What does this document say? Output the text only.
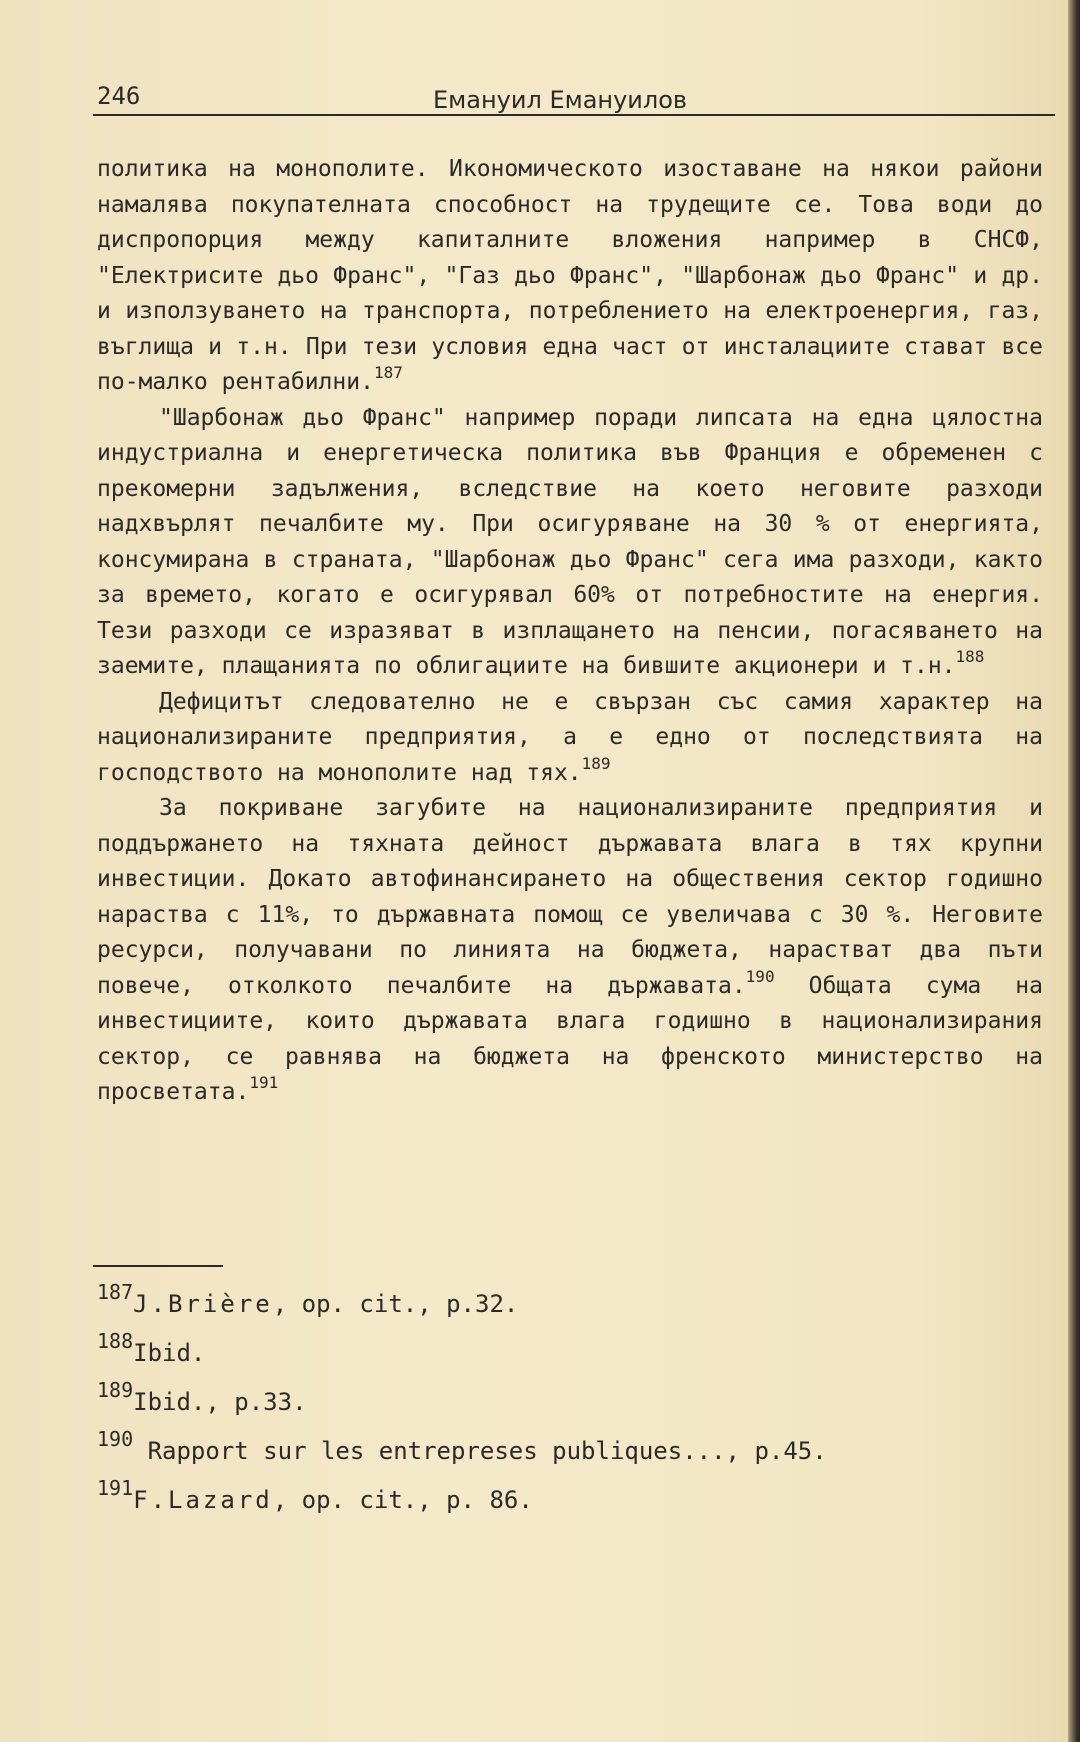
246	Емануил Емануилов

политика на монополите. Икономическото изоставане на някои райони намалява покупателната способност на трудещите се. Това води до диспропорция между капиталните вложения например в СНСФ, "Електрисите дьо Франс", "Газ дьо Франс", "Шарбонаж дьо Франс" и др. и използуването на транспорта, потреблението на електроенергия, газ, въглища и т.н. При тези условия една част от инсталациите стават все по-малко рентабилни.$^{187}$

"Шарбонаж дьо Франс" например поради липсата на една цялостна индустриална и енергетическа политика във Франция е обременен с прекомерни задължения, вследствие на което неговите разходи надхвърлят печалбите му. При осигуряване на 30 % от енергията, консумирана в страната, "Шарбонаж дьо Франс" сега има разходи, както за времето, когато е осигурявал 60% от потребностите на енергия. Тези разходи се изразяват в изплащането на пенсии, погасяването на заемите, плащанията по облигациите на бившите акционери и т.н.$^{188}$

Дефицитът следователно не е свързан със самия характер на национализираните предприятия, а е едно от последствията на господството на монополите над тях.$^{189}$

За покриване загубите на национализираните предприятия и поддържането на тяхната дейност държавата влага в тях крупни инвестиции. Докато автофинансирането на обществения сектор годишно нараства с 11%, то държавната помощ се увеличава с 30 %. Неговите ресурси, получавани по линията на бюджета, нарастват два пъти повече, отколкото печалбите на държавата.$^{190}$ Общата сума на инвестициите, които държавата влага годишно в национализирания сектор, се равнява на бюджета на френското министерство на просветата.$^{191}$

$^{187}$J.Brière, op. cit., p.32.

$^{188}$Ibid.

$^{189}$Ibid., p.33.

$^{190}$ Rapport sur les entrepreses publiques..., p.45.

$^{191}$F.Lazard, op. cit., p. 86.
